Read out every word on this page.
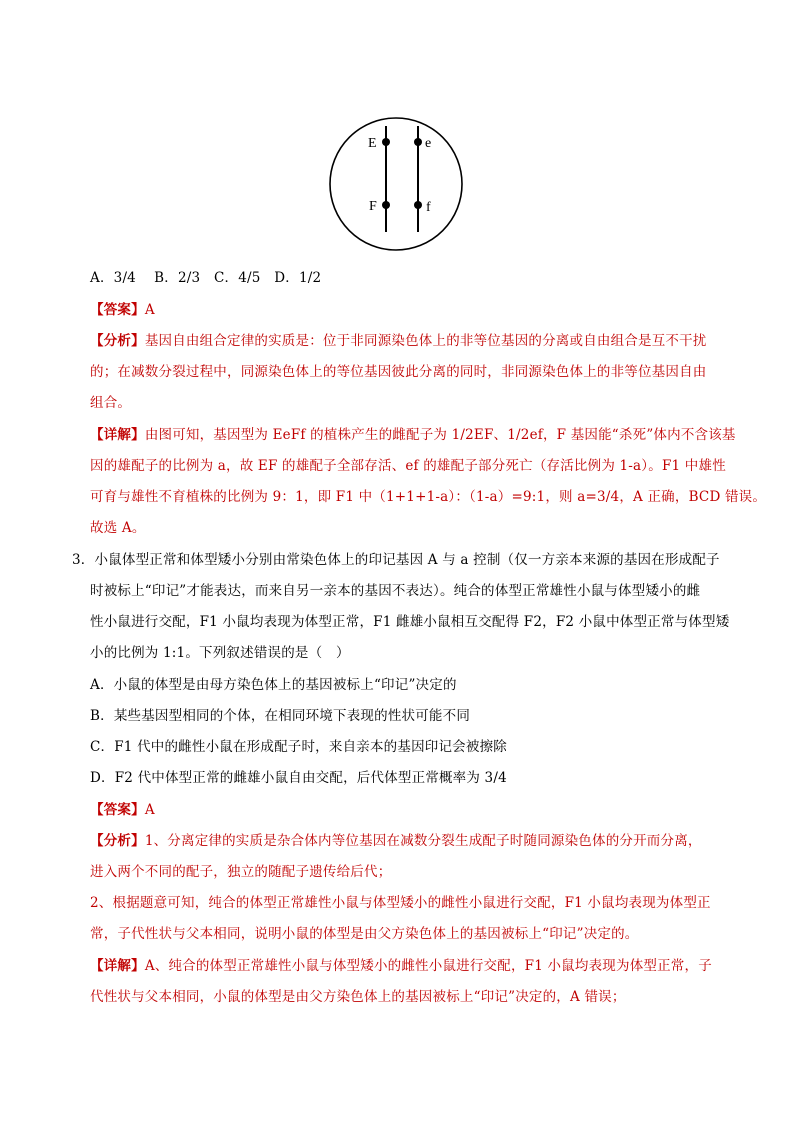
E
F
e
f
A．3/4　 B．2/3　C．4/5　D．1/2
【答案】A
【分析】基因自由组合定律的实质是：位于非同源染色体上的非等位基因的分离或自由组合是互不干扰
的；在减数分裂过程中，同源染色体上的等位基因彼此分离的同时，非同源染色体上的非等位基因自由
组合。
【详解】由图可知，基因型为 EeFf 的植株产生的雌配子为 1/2EF、1/2ef，F 基因能“杀死”体内不含该基
因的雄配子的比例为 a，故 EF 的雄配子全部存活、ef 的雄配子部分死亡（存活比例为 1-a）。F1 中雄性
可育与雄性不育植株的比例为 9：1，即 F1 中（1+1+1-a）：（1-a）=9:1，则 a=3/4，A 正确，BCD 错误。
故选 A。
3．小鼠体型正常和体型矮小分别由常染色体上的印记基因 A 与 a 控制（仅一方亲本来源的基因在形成配子
时被标上“印记”才能表达，而来自另一亲本的基因不表达）。纯合的体型正常雄性小鼠与体型矮小的雌
性小鼠进行交配，F1 小鼠均表现为体型正常，F1 雌雄小鼠相互交配得 F2，F2 小鼠中体型正常与体型矮
小的比例为 1:1。下列叙述错误的是（　）
A．小鼠的体型是由母方染色体上的基因被标上“印记”决定的
B．某些基因型相同的个体，在相同环境下表现的性状可能不同
C．F1 代中的雌性小鼠在形成配子时，来自亲本的基因印记会被擦除
D．F2 代中体型正常的雌雄小鼠自由交配，后代体型正常概率为 3/4
【答案】A
【分析】1、分离定律的实质是杂合体内等位基因在减数分裂生成配子时随同源染色体的分开而分离，
进入两个不同的配子，独立的随配子遗传给后代；
2、根据题意可知，纯合的体型正常雄性小鼠与体型矮小的雌性小鼠进行交配，F1 小鼠均表现为体型正
常，子代性状与父本相同，说明小鼠的体型是由父方染色体上的基因被标上“印记”决定的。
【详解】A、纯合的体型正常雄性小鼠与体型矮小的雌性小鼠进行交配，F1 小鼠均表现为体型正常，子
代性状与父本相同，小鼠的体型是由父方染色体上的基因被标上“印记”决定的，A 错误；
